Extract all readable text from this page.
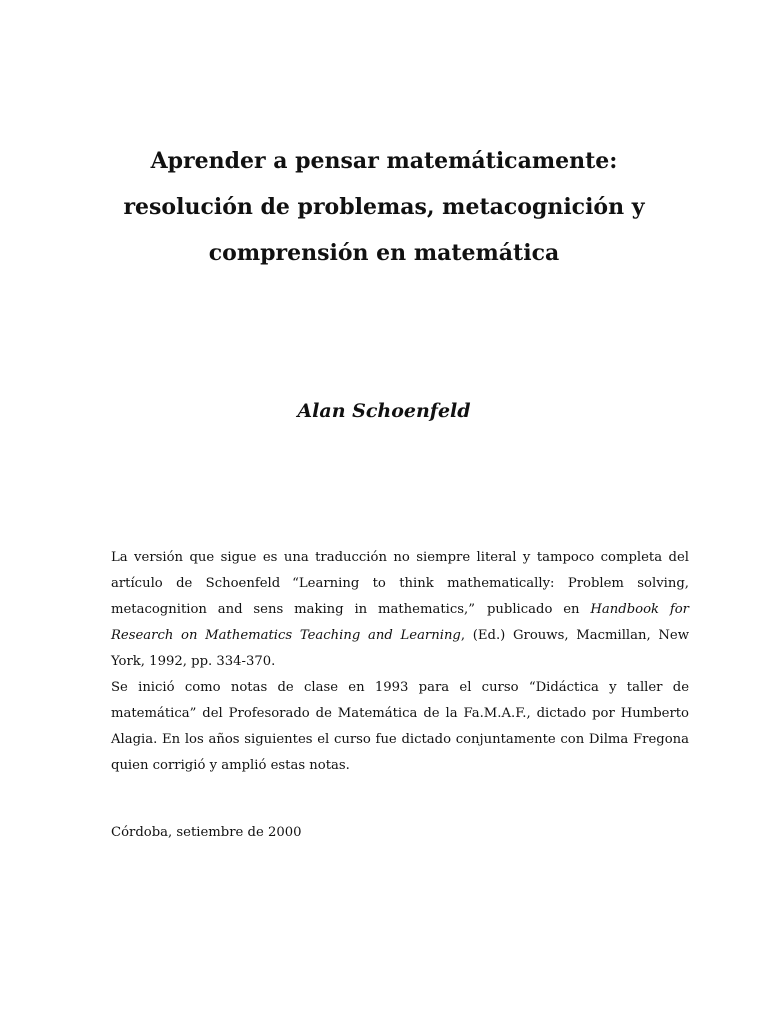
Aprender a pensar matemáticamente:
resolución de problemas, metacognición y
comprensión en matemática
Alan Schoenfeld
La versión que sigue es una traducción no siempre literal y tampoco completa del artículo de Schoenfeld “Learning to think mathematically: Problem solving, metacognition and sens making in mathematics,” publicado en Handbook for Research on Mathematics Teaching and Learning, (Ed.) Grouws, Macmillan, New York, 1992, pp. 334-370.
Se inició como notas de clase en 1993 para el curso “Didáctica y taller de matemática” del Profesorado de Matemática de la Fa.M.A.F., dictado por Humberto Alagia. En los años siguientes el curso fue dictado conjuntamente con Dilma Fregona quien corrigió y amplió estas notas.
Córdoba, setiembre de 2000
